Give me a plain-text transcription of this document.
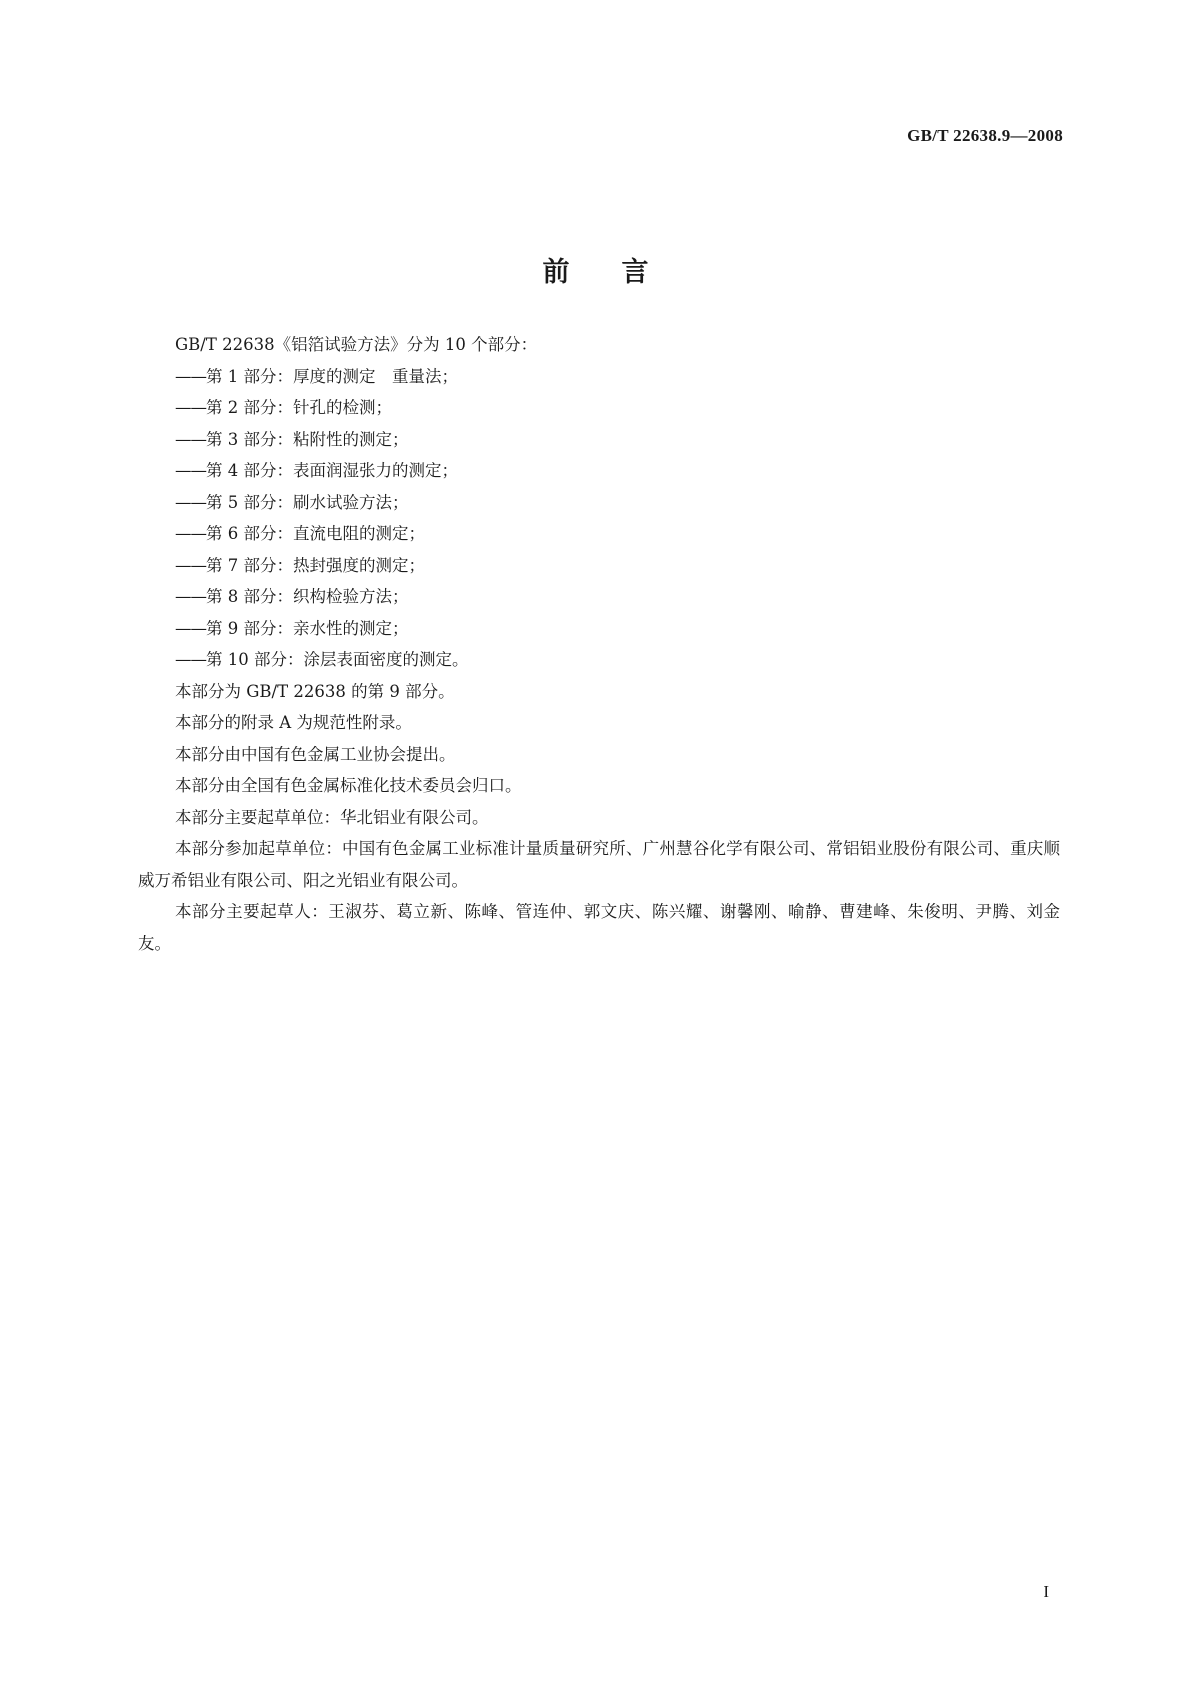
GB/T 22638.9—2008
前言

GB/T 22638《铝箔试验方法》分为 10 个部分：

——第 1 部分：厚度的测定　重量法；

——第 2 部分：针孔的检测；

——第 3 部分：粘附性的测定；

——第 4 部分：表面润湿张力的测定；

——第 5 部分：刷水试验方法；

——第 6 部分：直流电阻的测定；

——第 7 部分：热封强度的测定；

——第 8 部分：织构检验方法；

——第 9 部分：亲水性的测定；

——第 10 部分：涂层表面密度的测定。

本部分为 GB/T 22638 的第 9 部分。

本部分的附录 A 为规范性附录。

本部分由中国有色金属工业协会提出。

本部分由全国有色金属标准化技术委员会归口。

本部分主要起草单位：华北铝业有限公司。

本部分参加起草单位：中国有色金属工业标准计量质量研究所、广州慧谷化学有限公司、常铝铝业股份有限公司、重庆顺威万希铝业有限公司、阳之光铝业有限公司。

本部分主要起草人：王淑芬、葛立新、陈峰、管连仲、郭文庆、陈兴耀、谢馨刚、喻静、曹建峰、朱俊明、尹腾、刘金友。

I
